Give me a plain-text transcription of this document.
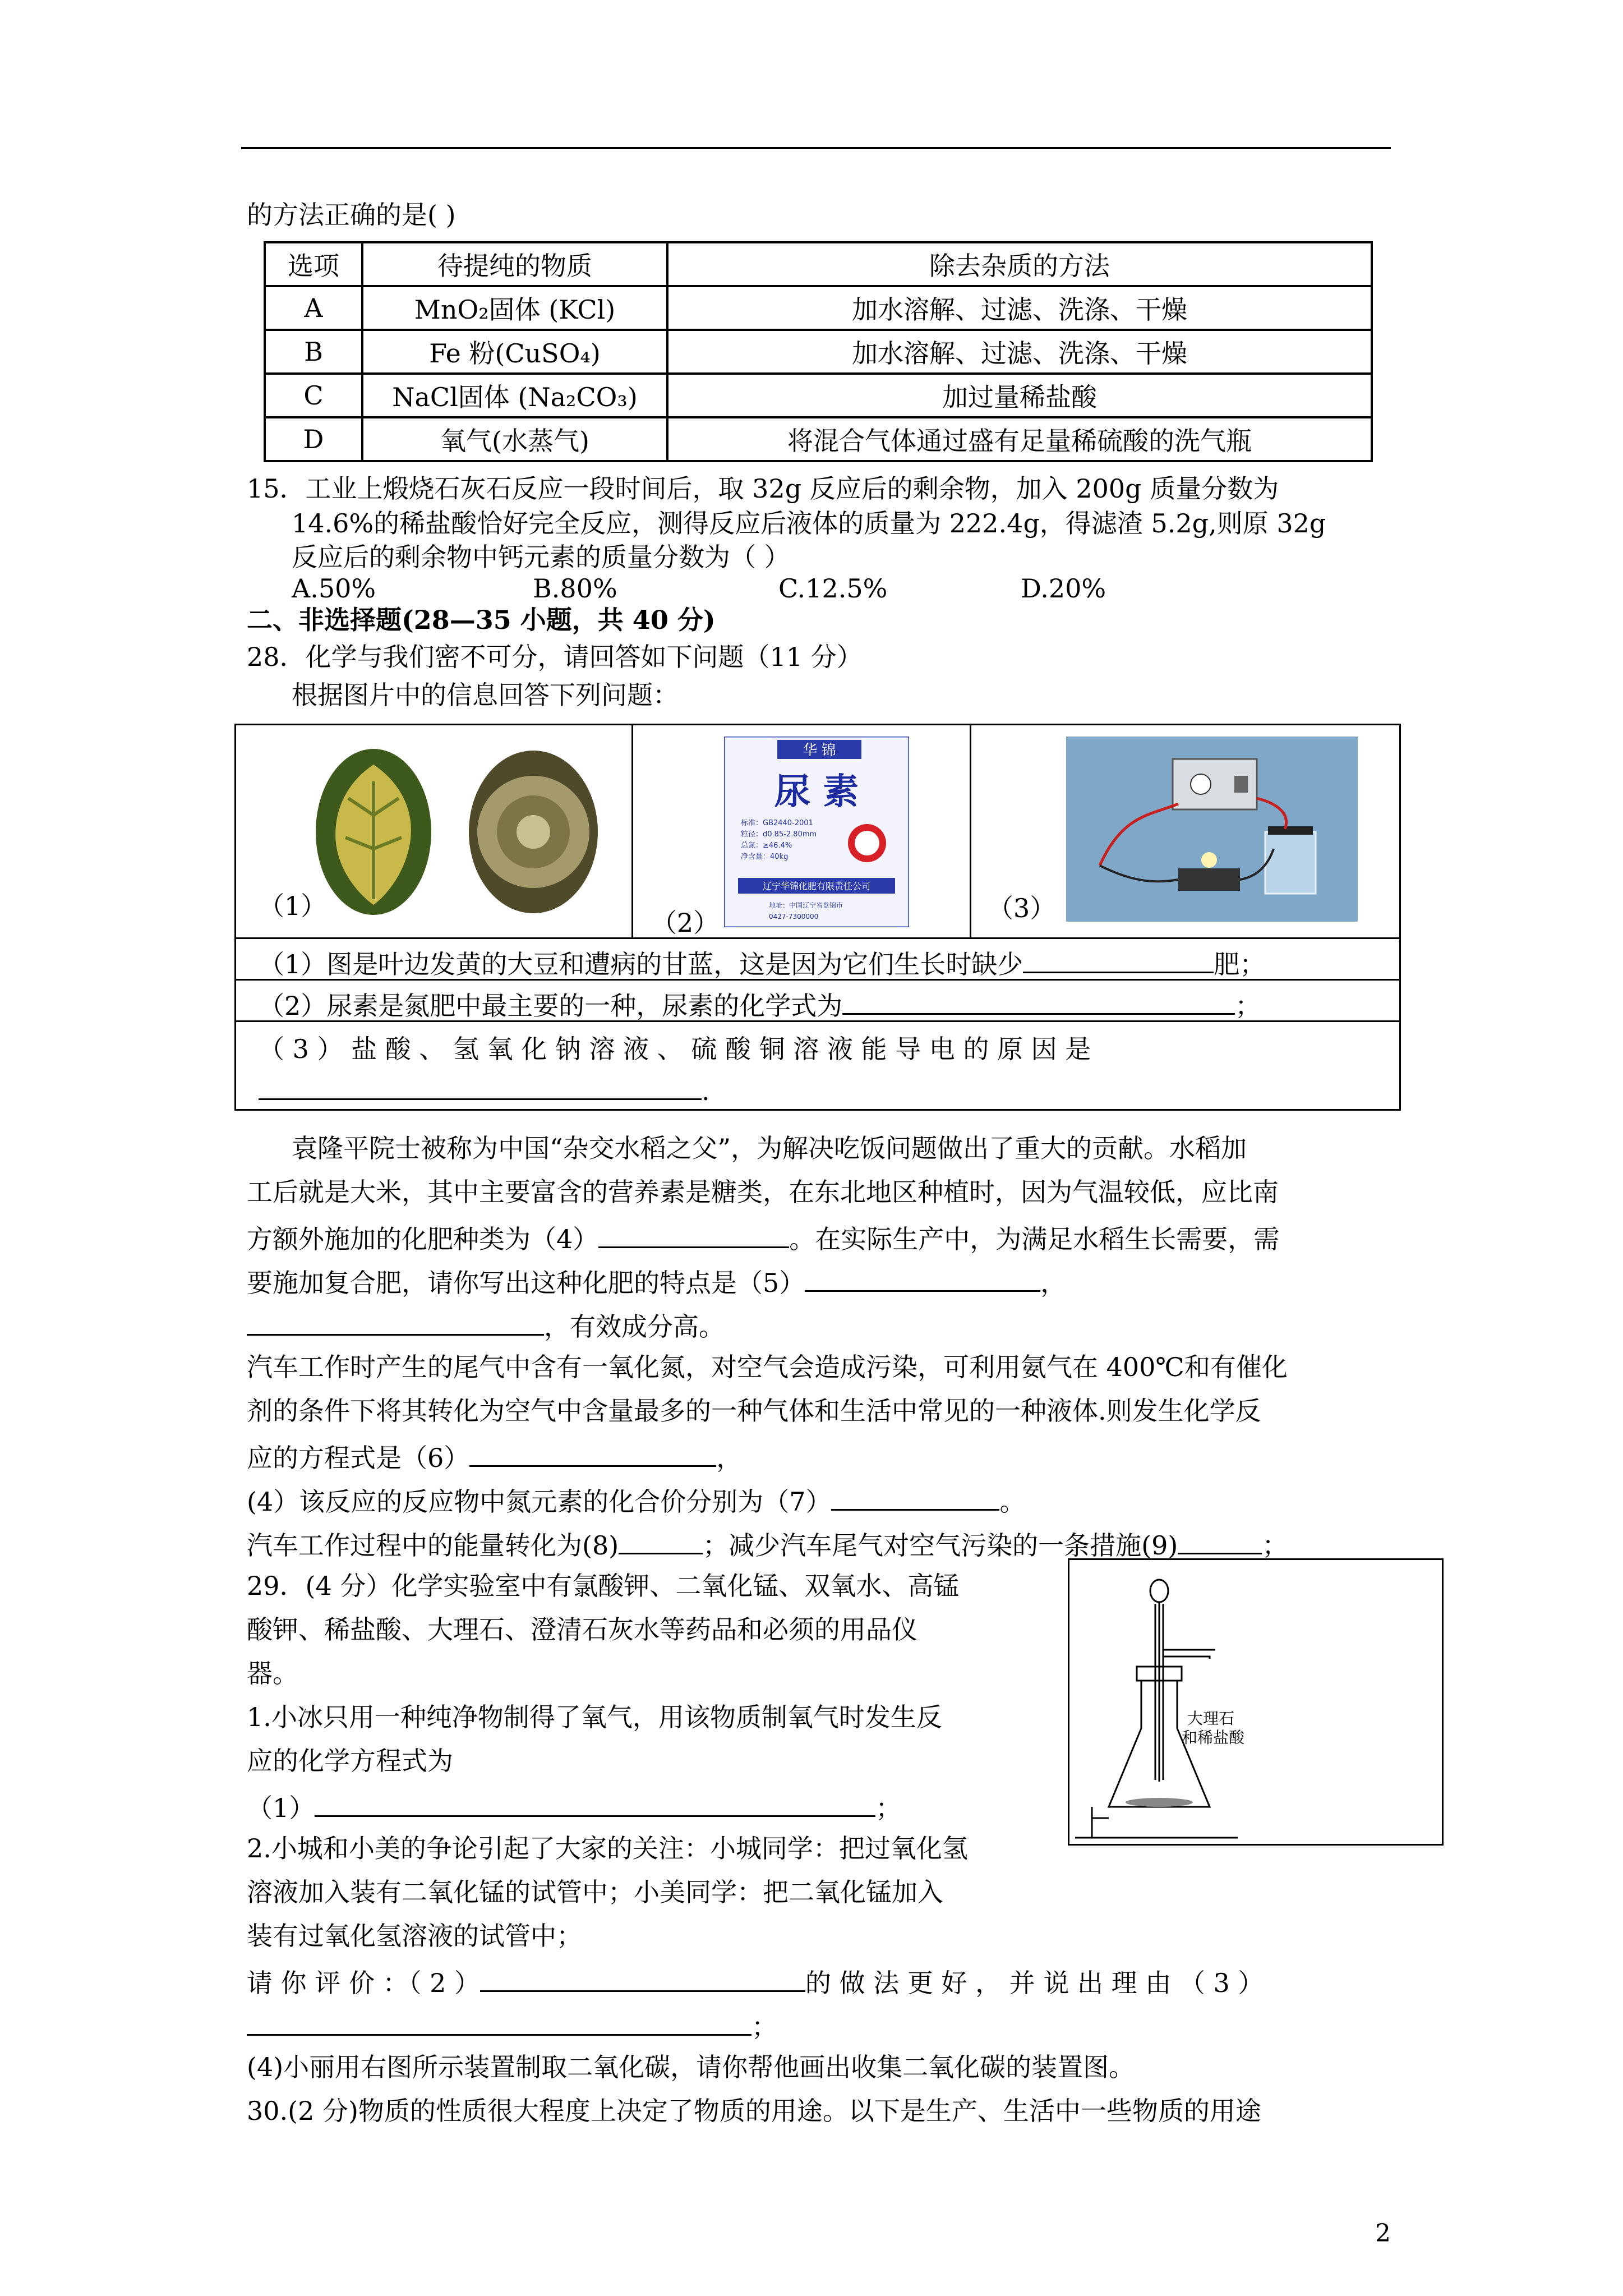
的方法正确的是( )
选项	待提纯的物质	除去杂质的方法
A	MnO₂固体 (KCl)	加水溶解、过滤、洗涤、干燥
B	Fe 粉(CuSO₄)	加水溶解、过滤、洗涤、干燥
C	NaCl固体 (Na₂CO₃)	加过量稀盐酸
D	氧气(水蒸气)	将混合气体通过盛有足量稀硫酸的洗气瓶
15．工业上煅烧石灰石反应一段时间后，取 32g 反应后的剩余物，加入 200g 质量分数为
14.6%的稀盐酸恰好完全反应，测得反应后液体的质量为 222.4g，得滤渣 5.2g,则原 32g
反应后的剩余物中钙元素的质量分数为（ ）
A.50%	B.80%	C.12.5%	D.20%
二、非选择题(28—35 小题，共 40 分)
28．化学与我们密不可分，请回答如下问题（11 分）
根据图片中的信息回答下列问题：
（1）
华 锦
尿 素
标准：GB2440-2001
粒径：d0.85-2.80mm
总氮：≥46.4%
净含量：40kg
辽宁华锦化肥有限责任公司
地址：中国辽宁省盘锦市
0427-7300000
（2）	（3）
（1）图是叶边发黄的大豆和遭病的甘蓝，这是因为它们生长时缺少	肥；
（2）尿素是氮肥中最主要的一种，尿素的化学式为	；
（ 3 ） 盐 酸 、 氢 氧 化 钠 溶 液 、 硫 酸 铜 溶 液 能 导 电 的 原 因 是
.
袁隆平院士被称为中国“杂交水稻之父”，为解决吃饭问题做出了重大的贡献。水稻加
工后就是大米，其中主要富含的营养素是糖类，在东北地区种植时，因为气温较低，应比南
方额外施加的化肥种类为（4）	。在实际生产中，为满足水稻生长需要，需
要施加复合肥，请你写出这种化肥的特点是（5）	，
，有效成分高。
汽车工作时产生的尾气中含有一氧化氮，对空气会造成污染，可利用氨气在 400℃和有催化
剂的条件下将其转化为空气中含量最多的一种气体和生活中常见的一种液体.则发生化学反
应的方程式是（6）	，
(4）该反应的反应物中氮元素的化合价分别为（7）	。
汽车工作过程中的能量转化为(8)	；减少汽车尾气对空气污染的一条措施(9)	；
29．(4 分）化学实验室中有氯酸钾、二氧化锰、双氧水、高锰
酸钾、稀盐酸、大理石、澄清石灰水等药品和必须的用品仪
器。
1.小冰只用一种纯净物制得了氧气，用该物质制氧气时发生反
应的化学方程式为
（1）	；
2.小城和小美的争论引起了大家的关注：小城同学：把过氧化氢
溶液加入装有二氧化锰的试管中；小美同学：把二氧化锰加入
装有过氧化氢溶液的试管中；
请 你 评 价 ：（ 2 ）	的 做 法 更 好 ， 并 说 出 理 由 （ 3 ）
；
(4)小丽用右图所示装置制取二氧化碳，请你帮他画出收集二氧化碳的装置图。
大理石
和稀盐酸
30.(2 分)物质的性质很大程度上决定了物质的用途。以下是生产、生活中一些物质的用途
2
